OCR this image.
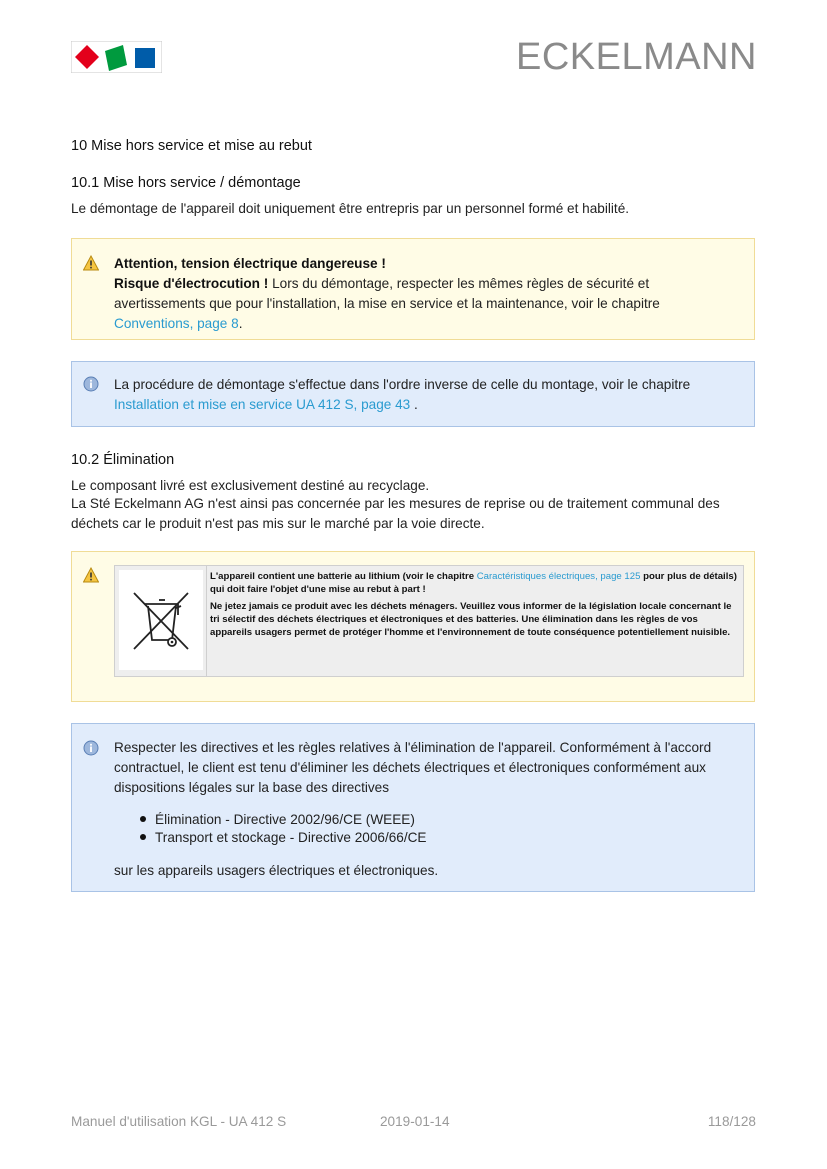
ECKELMANN
10 Mise hors service et mise au rebut
10.1 Mise hors service / démontage
Le démontage de l'appareil doit uniquement être entrepris par un personnel formé et habilité.
Attention, tension électrique dangereuse !
Risque d'électrocution ! Lors du démontage, respecter les mêmes règles de sécurité et avertissements que pour l'installation, la mise en service et la maintenance, voir le chapitre Conventions, page 8.
La procédure de démontage s'effectue dans l'ordre inverse de celle du montage, voir le chapitre Installation et mise en service UA 412 S, page 43 .
10.2 Élimination
Le composant livré est exclusivement destiné au recyclage.
La Sté Eckelmann AG n'est ainsi pas concernée par les mesures de reprise ou de traitement communal des déchets car le produit n'est pas mis sur le marché par la voie directe.
L'appareil contient une batterie au lithium (voir le chapitre Caractéristiques électriques, page 125 pour plus de détails) qui doit faire l'objet d'une mise au rebut à part !
Ne jetez jamais ce produit avec les déchets ménagers. Veuillez vous informer de la législation locale concernant le tri sélectif des déchets électriques et électroniques et des batteries. Une élimination dans les règles de vos appareils usagers permet de protéger l'homme et l'environnement de toute conséquence potentiellement nuisible.
Respecter les directives et les règles relatives à l'élimination de l'appareil. Conformément à l'accord contractuel, le client est tenu d'éliminer les déchets électriques et électroniques conformément aux dispositions légales sur la base des directives
Élimination - Directive 2002/96/CE (WEEE)
Transport et stockage - Directive 2006/66/CE
sur les appareils usagers électriques et électroniques.
Manuel d'utilisation KGL - UA 412 S	2019-01-14	118/128
